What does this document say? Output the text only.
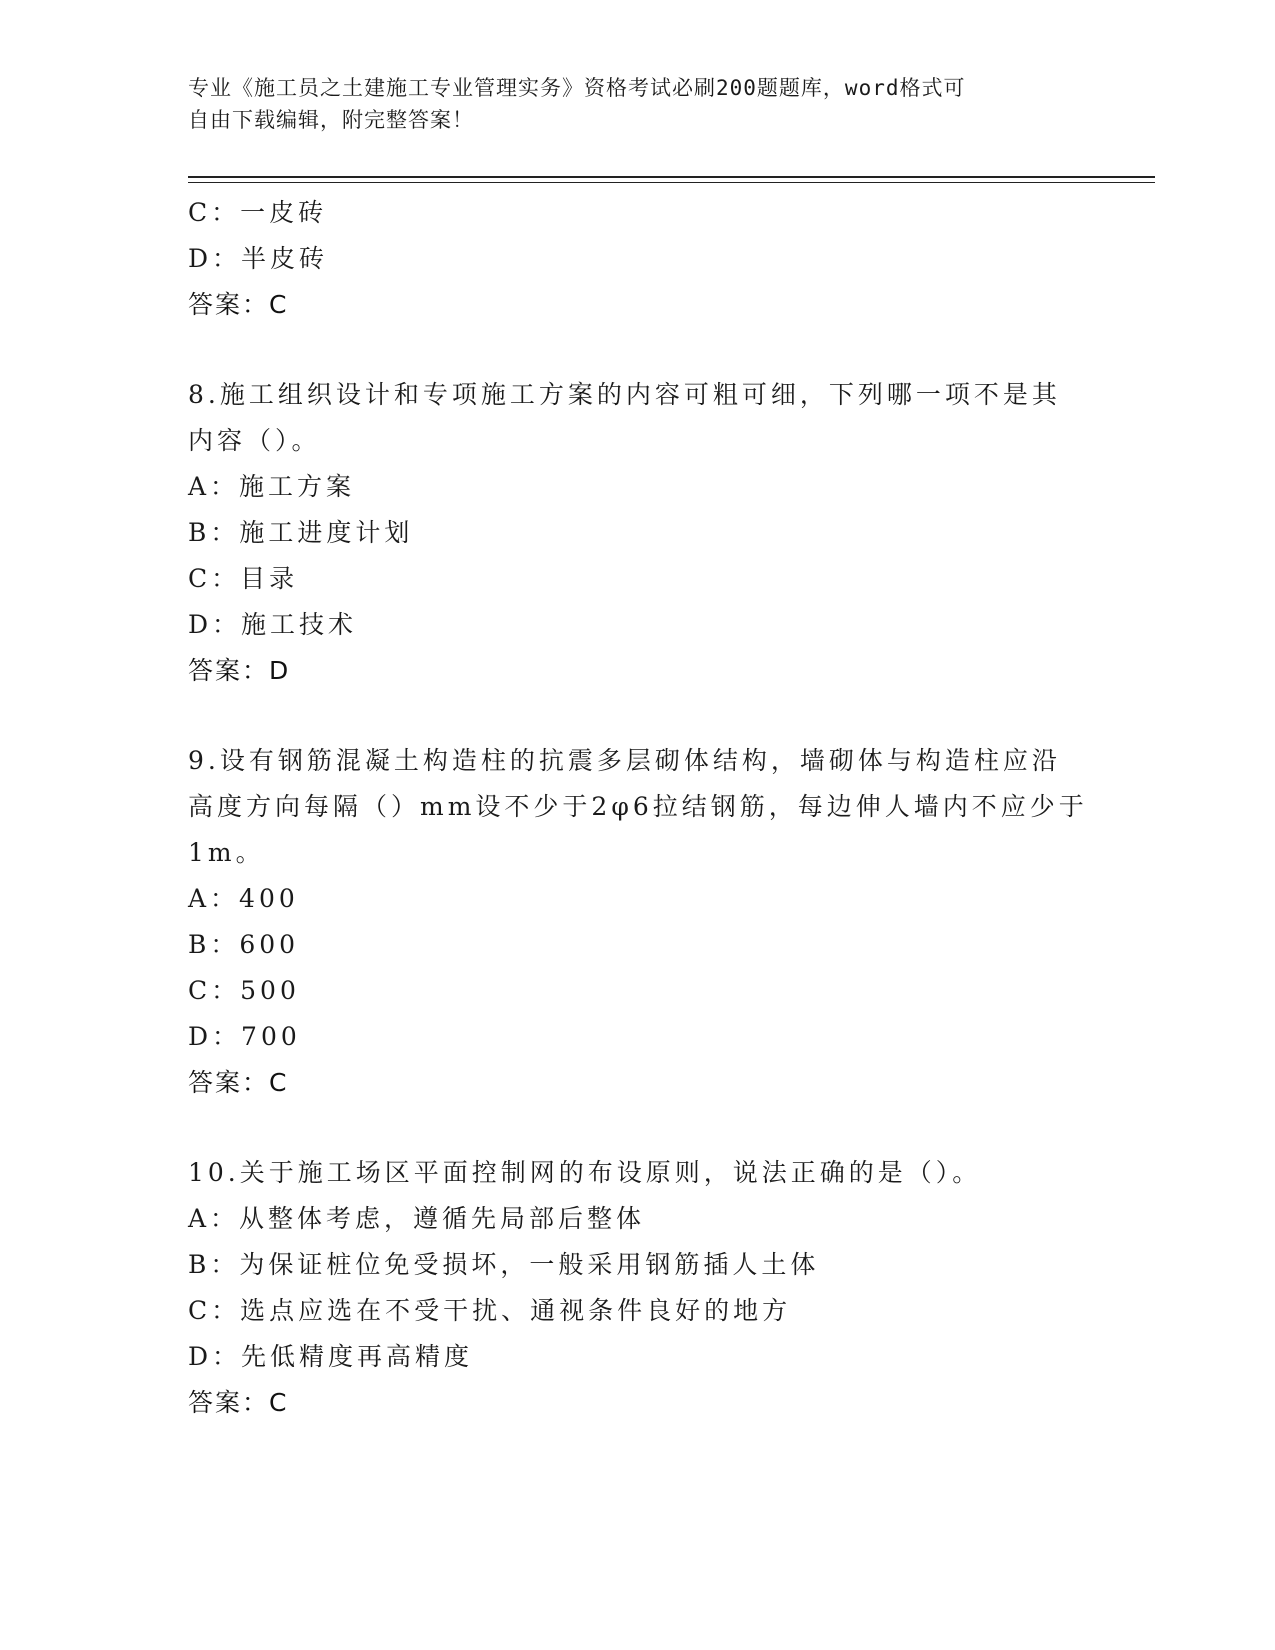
专业《施工员之土建施工专业管理实务》资格考试必刷200题题库，word格式可
自由下载编辑，附完整答案！
C：一皮砖
D：半皮砖
答案：C
8.施工组织设计和专项施工方案的内容可粗可细，下列哪一项不是其
内容（）。
A：施工方案
B：施工进度计划
C：目录
D：施工技术
答案：D
9.设有钢筋混凝土构造柱的抗震多层砌体结构，墙砌体与构造柱应沿
高度方向每隔（）mm设不少于2φ6拉结钢筋，每边伸人墙内不应少于
1m。
A：400
B：600
C：500
D：700
答案：C
10.关于施工场区平面控制网的布设原则，说法正确的是（）。
A：从整体考虑，遵循先局部后整体
B：为保证桩位免受损坏，一般采用钢筋插人土体
C：选点应选在不受干扰、通视条件良好的地方
D：先低精度再高精度
答案：C
